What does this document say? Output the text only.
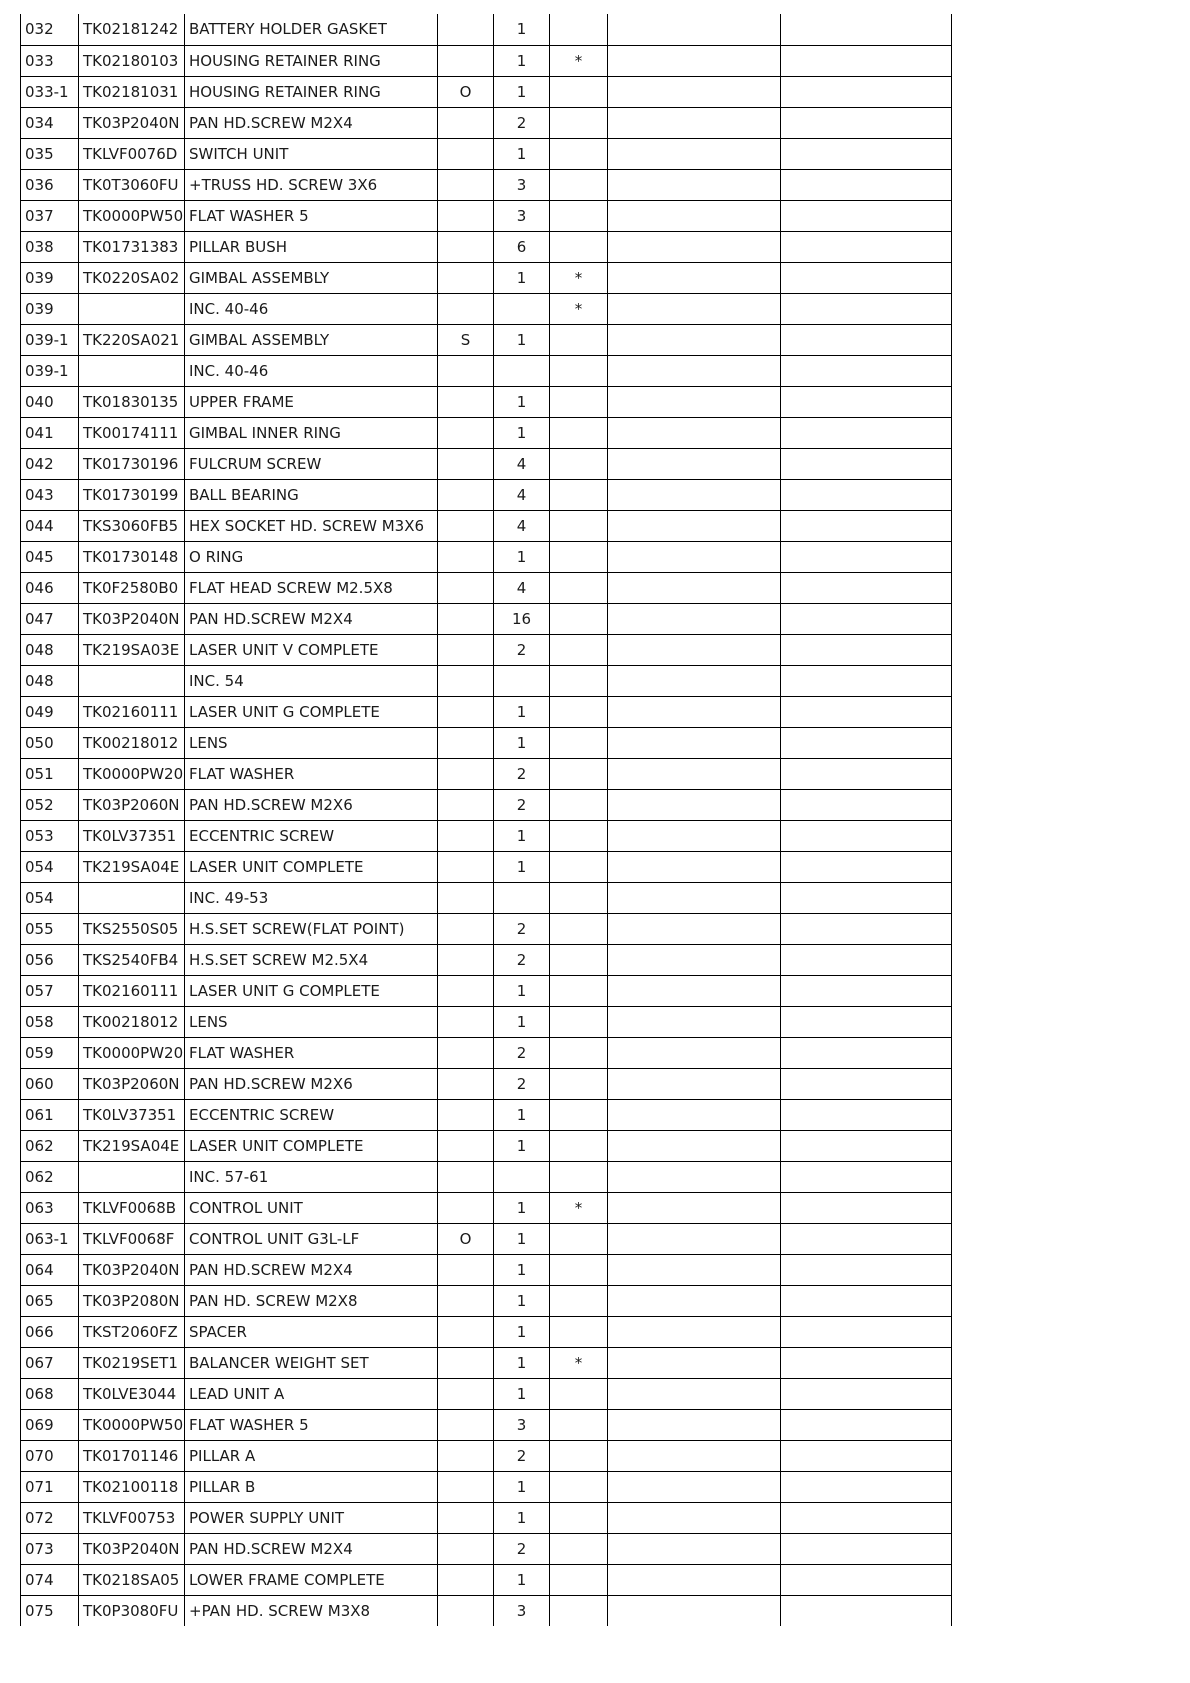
032	TK02181242	BATTERY HOLDER GASKET		1			
033	TK02180103	HOUSING RETAINER RING		1	*		
033-1	TK02181031	HOUSING RETAINER RING	O	1			
034	TK03P2040N	PAN HD.SCREW M2X4		2			
035	TKLVF0076D	SWITCH UNIT		1			
036	TK0T3060FU	+TRUSS HD. SCREW 3X6		3			
037	TK0000PW50	FLAT WASHER 5		3			
038	TK01731383	PILLAR BUSH		6			
039	TK0220SA02	GIMBAL ASSEMBLY		1	*		
039		INC. 40-46			*		
039-1	TK220SA021	GIMBAL ASSEMBLY	S	1			
039-1		INC. 40-46					
040	TK01830135	UPPER FRAME		1			
041	TK00174111	GIMBAL INNER RING		1			
042	TK01730196	FULCRUM SCREW		4			
043	TK01730199	BALL BEARING		4			
044	TKS3060FB5	HEX SOCKET HD. SCREW M3X6		4			
045	TK01730148	O RING		1			
046	TK0F2580B0	FLAT HEAD SCREW M2.5X8		4			
047	TK03P2040N	PAN HD.SCREW M2X4		16			
048	TK219SA03E	LASER UNIT V COMPLETE		2			
048		INC. 54					
049	TK02160111	LASER UNIT G COMPLETE		1			
050	TK00218012	LENS		1			
051	TK0000PW20	FLAT WASHER		2			
052	TK03P2060N	PAN HD.SCREW M2X6		2			
053	TK0LV37351	ECCENTRIC SCREW		1			
054	TK219SA04E	LASER UNIT COMPLETE		1			
054		INC. 49-53					
055	TKS2550S05	H.S.SET SCREW(FLAT POINT)		2			
056	TKS2540FB4	H.S.SET SCREW M2.5X4		2			
057	TK02160111	LASER UNIT G COMPLETE		1			
058	TK00218012	LENS		1			
059	TK0000PW20	FLAT WASHER		2			
060	TK03P2060N	PAN HD.SCREW M2X6		2			
061	TK0LV37351	ECCENTRIC SCREW		1			
062	TK219SA04E	LASER UNIT COMPLETE		1			
062		INC. 57-61					
063	TKLVF0068B	CONTROL UNIT		1	*		
063-1	TKLVF0068F	CONTROL UNIT G3L-LF	O	1			
064	TK03P2040N	PAN HD.SCREW M2X4		1			
065	TK03P2080N	PAN HD. SCREW M2X8		1			
066	TKST2060FZ	SPACER		1			
067	TK0219SET1	BALANCER WEIGHT SET		1	*		
068	TK0LVE3044	LEAD UNIT A		1			
069	TK0000PW50	FLAT WASHER 5		3			
070	TK01701146	PILLAR A		2			
071	TK02100118	PILLAR B		1			
072	TKLVF00753	POWER SUPPLY UNIT		1			
073	TK03P2040N	PAN HD.SCREW M2X4		2			
074	TK0218SA05	LOWER FRAME COMPLETE		1			
075	TK0P3080FU	+PAN HD. SCREW M3X8		3			
